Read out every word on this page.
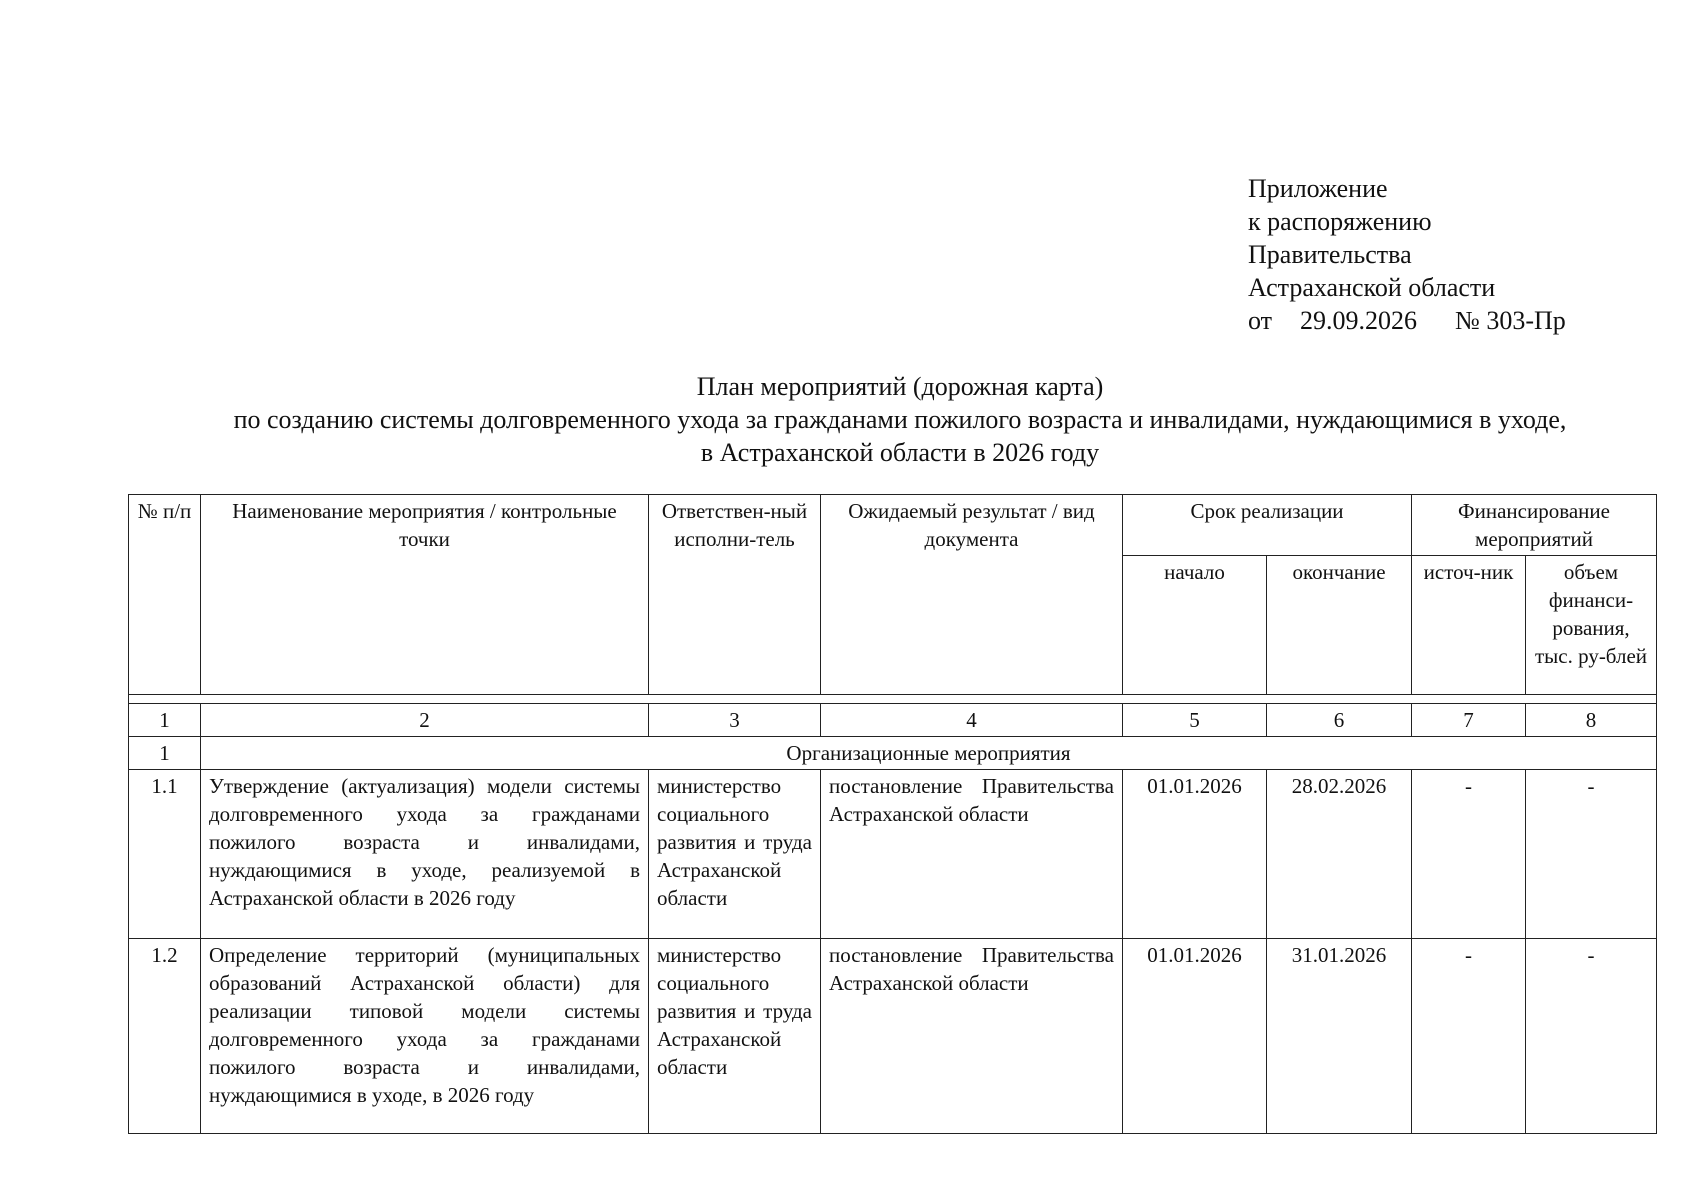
Приложение
к распоряжению
Правительства
Астраханской области
от 29.09.2026 № 303-Пр
План мероприятий (дорожная карта)
по созданию системы долговременного ухода за гражданами пожилого возраста и инвалидами, нуждающимися в уходе,
в Астраханской области в 2026 году
№ п/п	Наименование мероприятия / контрольные точки	Ответствен-ный исполни-тель	Ожидаемый результат / вид документа	Срок реализации		Финансирование мероприятий	
				начало	окончание	источ-ник	объем финанси-рования, тыс. ру-блей

1	2	3	4	5	6	7	8
1	Организационные мероприятия						
1.1	Утверждение (актуализация) модели системы долговременного ухода за гражданами пожилого возраста и инвалидами, нуждающимися в уходе, реализуемой в Астраханской области в 2026 году	министерство социального развития и труда Астраханской области	постановление Правительства Астраханской области	01.01.2026	28.02.2026	-	-
1.2	Определение территорий (муниципальных образований Астраханской области) для реализации типовой модели системы долговременного ухода за гражданами пожилого возраста и инвалидами, нуждающимися в уходе, в 2026 году	министерство социального развития и труда Астраханской области	постановление Правительства Астраханской области	01.01.2026	31.01.2026	-	-
